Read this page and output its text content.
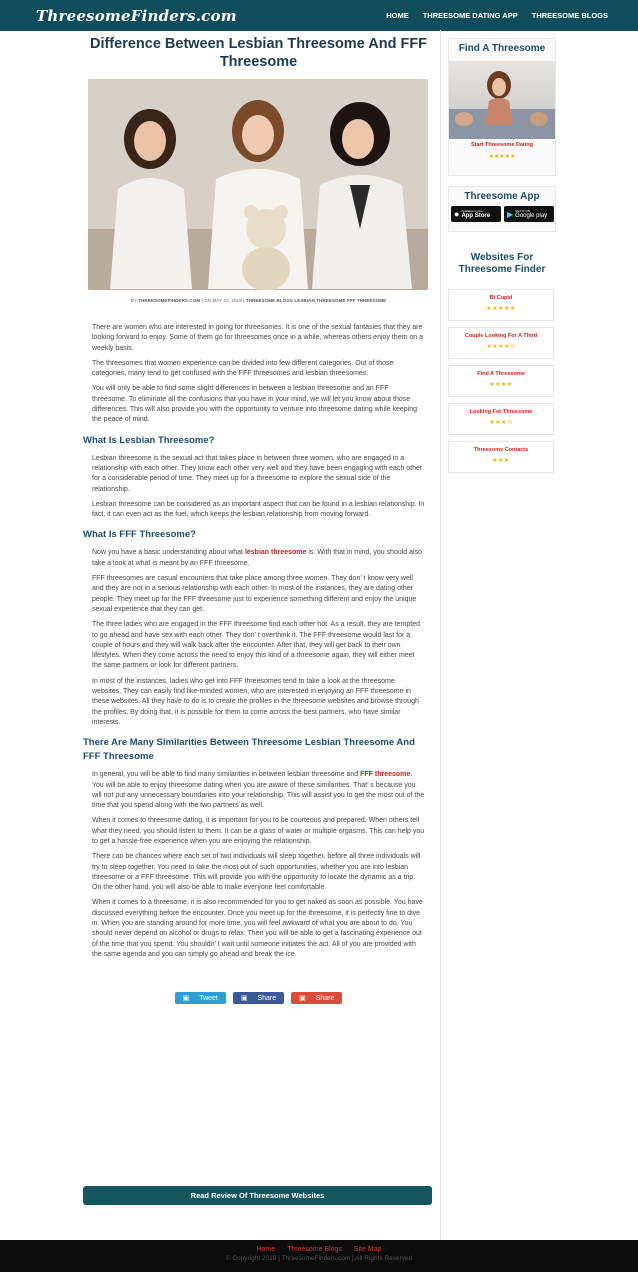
ThreesomeFinders.com	HOME THREESOME DATING APP THREESOME BLOGS
Difference Between Lesbian Threesome And FFF Threesome
BY THREESOMEFINDERS.COM | ON MAY 23, 2019 | THREESOME BLOGS LESBIAN THREESOME FFF THREESOME

There are women who are interested in going for threesomes. It is one of the sexual fantasies that they are looking forward to enjoy. Some of them go for threesomes once in a while, whereas others enjoy them on a weekly basis.

The threesomes that women experience can be divided into few different categories. Out of those categories, many tend to get confused with the FFF threesomes and lesbian threesomes.

You will only be able to find some slight differences in between a lesbian threesome and an FFF threesome. To eliminate all the confusions that you have in your mind, we will let you know about those differences. This will also provide you with the opportunity to venture into threesome dating while keeping the peace of mind.

What Is Lesbian Threesome?

Lesbian threesome is the sexual act that takes place in between three women, who are engaged in a relationship with each other. They know each other very well and they have been engaging with each other for a considerable period of time. They meet up for a threesome to explore the sexual side of the relationship.

Lesbian threesome can be considered as an important aspect that can be found in a lesbian relationship. In fact, it can even act as the fuel, which keeps the lesbian relationship from moving forward.

What Is FFF Threesome?

Now you have a basic understanding about what lesbian threesome is. With that in mind, you should also take a look at what is meant by an FFF threesome.

FFF threesomes are casual encounters that take place among three women. They don’ t know very well and they are not in a serious relationship with each other. In most of the instances, they are dating other people. They meet up for the FFF threesome just to experience something different and enjoy the unique sexual experience that they can get.

The three ladies who are engaged in the FFF threesome find each other hot. As a result, they are tempted to go ahead and have sex with each other. They don’ t overthink it. The FFF threesome would last for a couple of hours and they will walk back after the encounter. After that, they will get back to their own lifestyles. When they come across the need to enjoy this kind of a threesome again, they will either meet the same partners or look for different partners.

In most of the instances, ladies who get into FFF threesomes tend to take a look at the threesome websites. They can easily find like-minded women, who are interested in enjoying an FFF threesome in these websites. All they have to do is to create the profiles in the threesome websites and browse through the profiles. By doing that, it is possible for them to come across the best partners, who have similar interests.

There Are Many Similarities Between Threesome Lesbian Threesome And FFF Threesome

In general, you will be able to find many similarities in between lesbian threesome and FFF threesome. You will be able to enjoy threesome dating when you are aware of these similarities. That’ s because you will not put any unnecessary boundaries into your relationship. This will assist you to get the most out of the time that you spend along with the two partners as well.

When it comes to threesome dating, it is important for you to be courteous and prepared. When others tell what they need, you should listen to them. It can be a glass of water or multiple orgasms. This can help you to get a hassle-free experience when you are enjoying the relationship.

There can be chances where each set of two individuals will sleep together, before all three individuals will try to sleep together. You need to take the most out of such opportunities, whether you are into lesbian threesome or a FFF threesome. This will provide you with the opportunity to locate the dynamic as a trip. On the other hand, you will also be able to make everyone feel comfortable.

When it comes to a threesome, it is also recommended for you to get naked as soon as possible. You have discussed everything before the encounter. Once you meet up for the threesome, it is perfectly fine to dive in. When you are standing around for more time, you will feel awkward of what you are about to do. You should never depend on alcohol or drugs to relax. Then you will be able to get a fascinating experience out of the time that you spend. You shouldn’ t wait until someone initiates the act. All of you are provided with the same agenda and you can simply go ahead and break the ice.

▣ Tweet	▣ Share	▣ Share
Read Review Of Threesome Websites
Find A Threesome
Start Threesome Dating
★★★★★
Threesome App
● Available on the
App Store ▶ GET IT ON
Google play
Websites For Threesome Finder
Bi Cupid
★★★★★
Couple Looking For A Third
★★★★½
Find A Threesome
★★★★
Looking For Threesome
★★★½
Threesome Contacts
★★★
Home Threesome Blogs Site Map
© Copyright 2019 | ThreesomeFinders.com | All Rights Reserved
